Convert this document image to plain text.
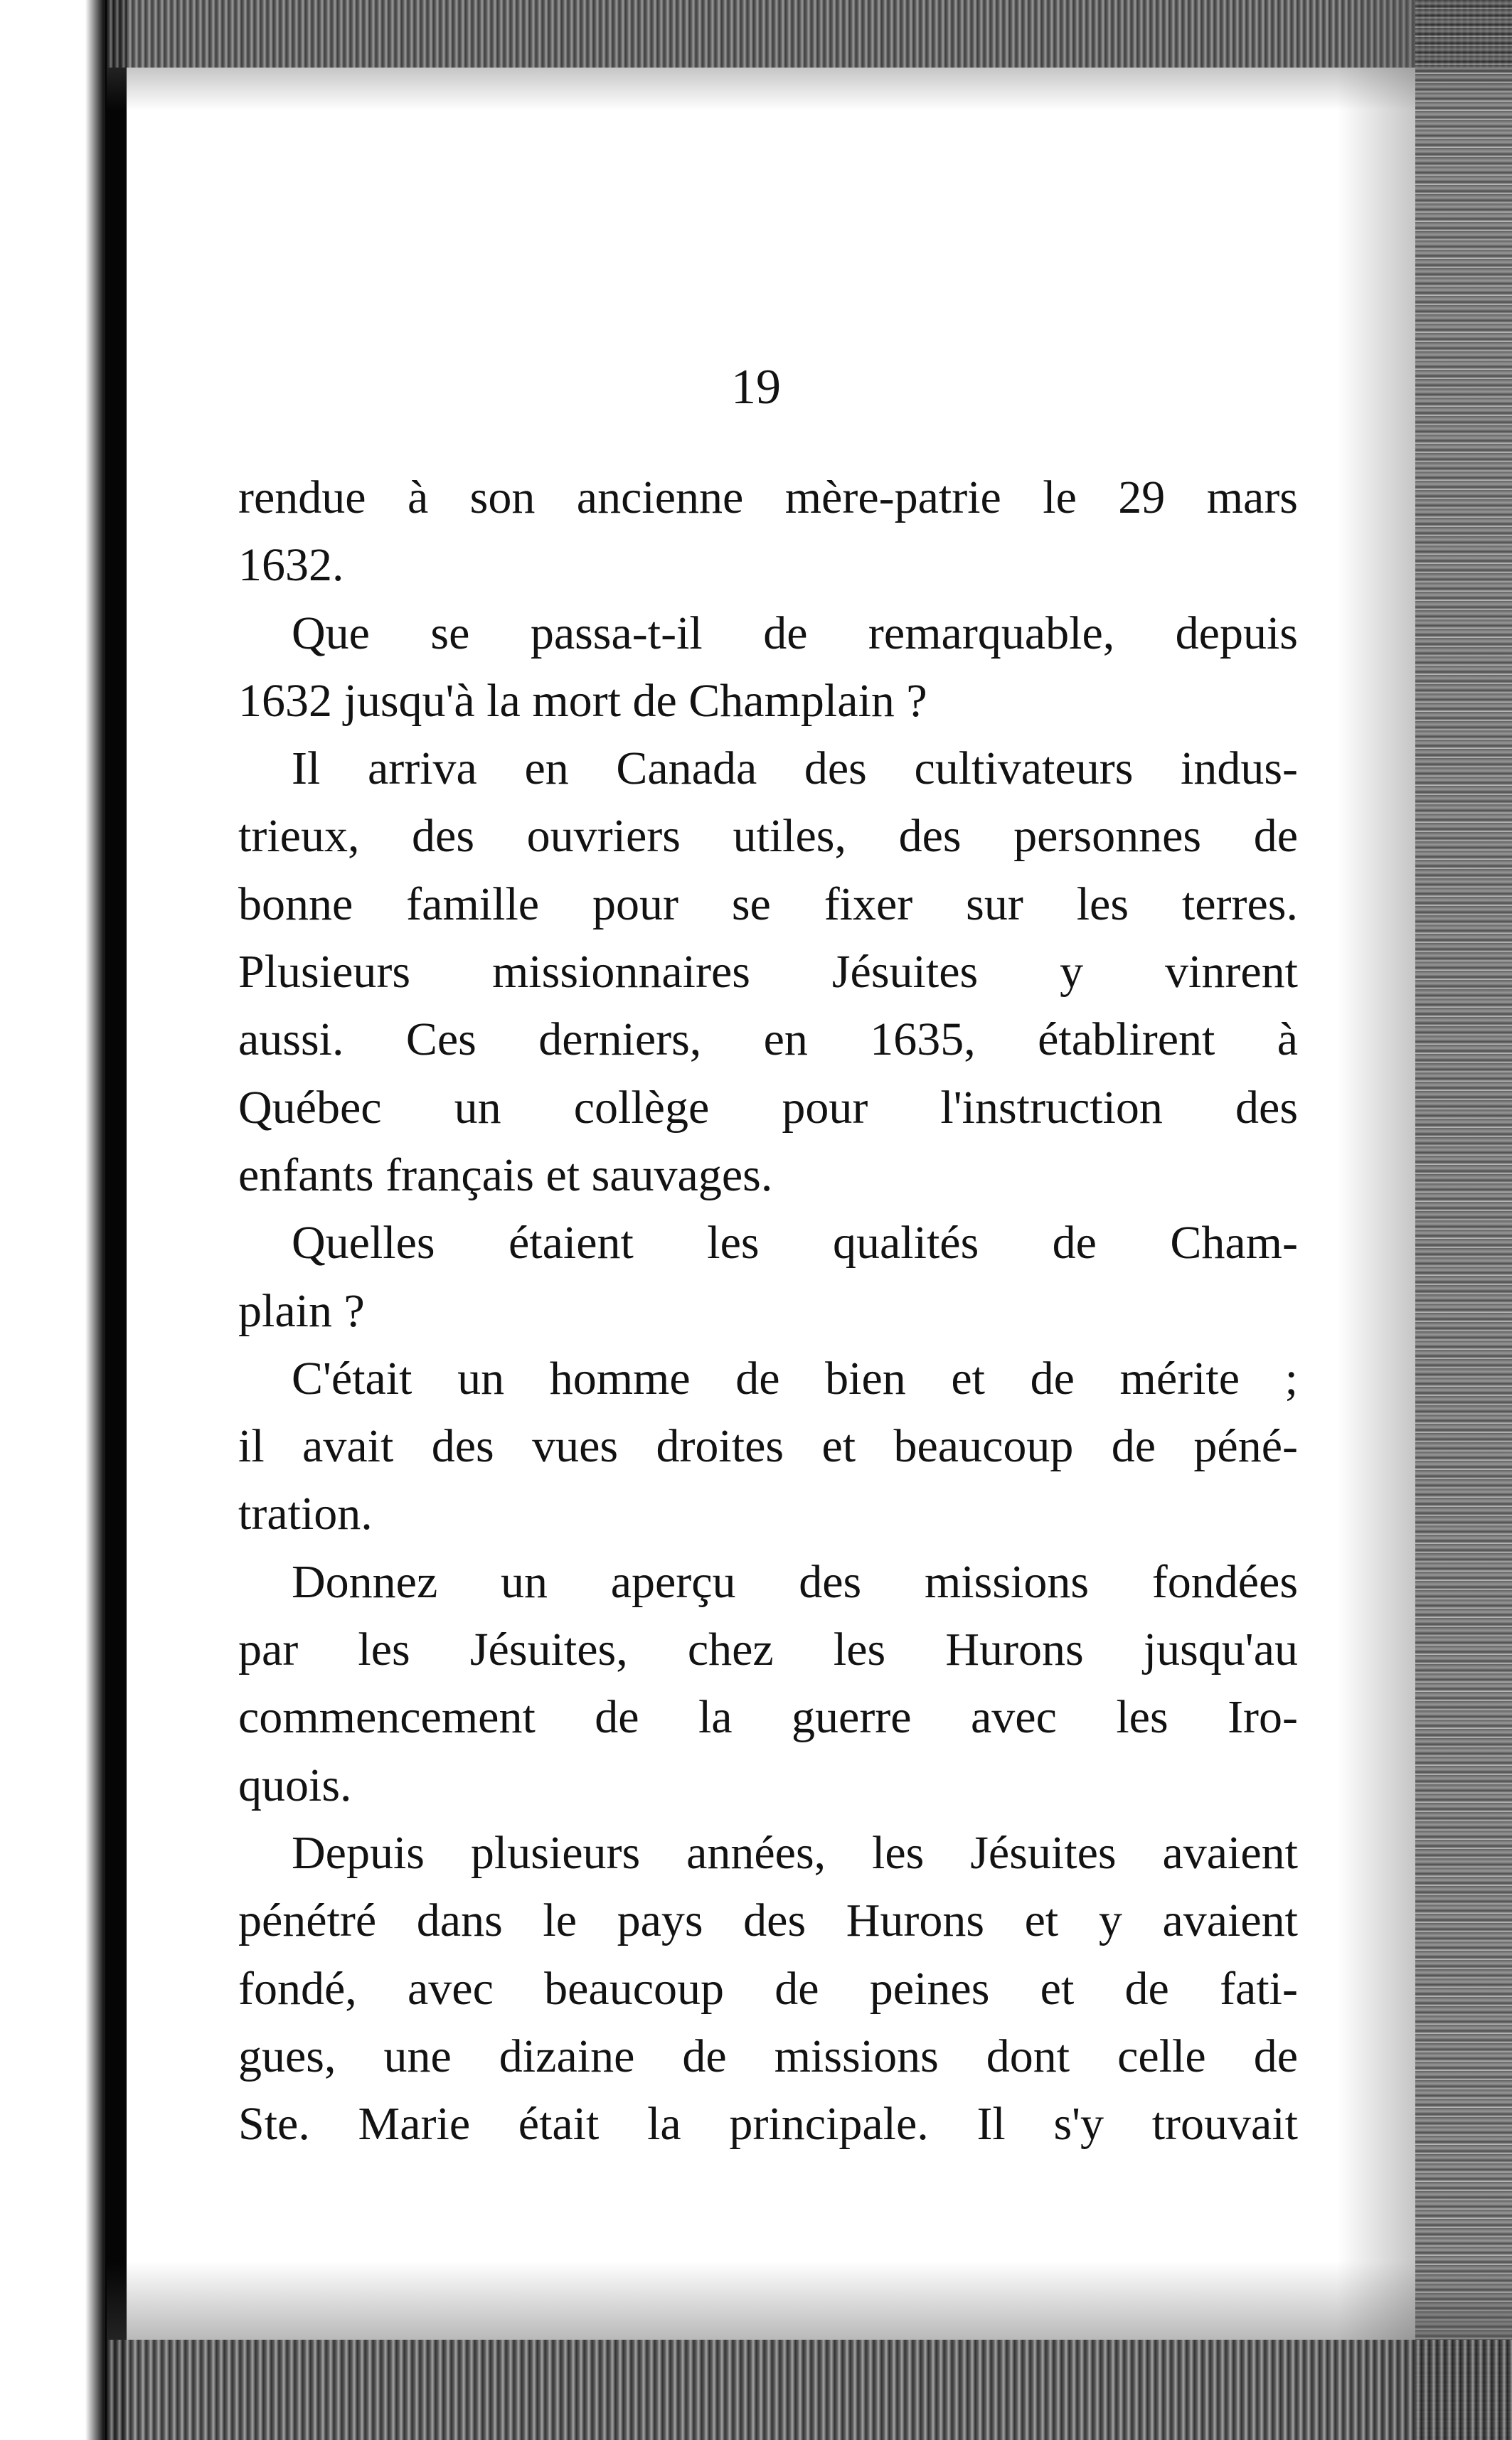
19
rendue à son ancienne mère-patrie le 29 mars
1632.
Que se passa-t-il de remarquable, depuis
1632 jusqu'à la mort de Champlain ?
Il arriva en Canada des cultivateurs indus-
trieux, des ouvriers utiles, des personnes de
bonne famille pour se fixer sur les terres.
Plusieurs missionnaires Jésuites y vinrent
aussi. Ces derniers, en 1635, établirent à
Québec un collège pour l'instruction des
enfants français et sauvages.
Quelles étaient les qualités de Cham-
plain ?
C'était un homme de bien et de mérite ;
il avait des vues droites et beaucoup de péné-
tration.
Donnez un aperçu des missions fondées
par les Jésuites, chez les Hurons jusqu'au
commencement de la guerre avec les Iro-
quois.
Depuis plusieurs années, les Jésuites avaient
pénétré dans le pays des Hurons et y avaient
fondé, avec beaucoup de peines et de fati-
gues, une dizaine de missions dont celle de
Ste. Marie était la principale. Il s'y trouvait
